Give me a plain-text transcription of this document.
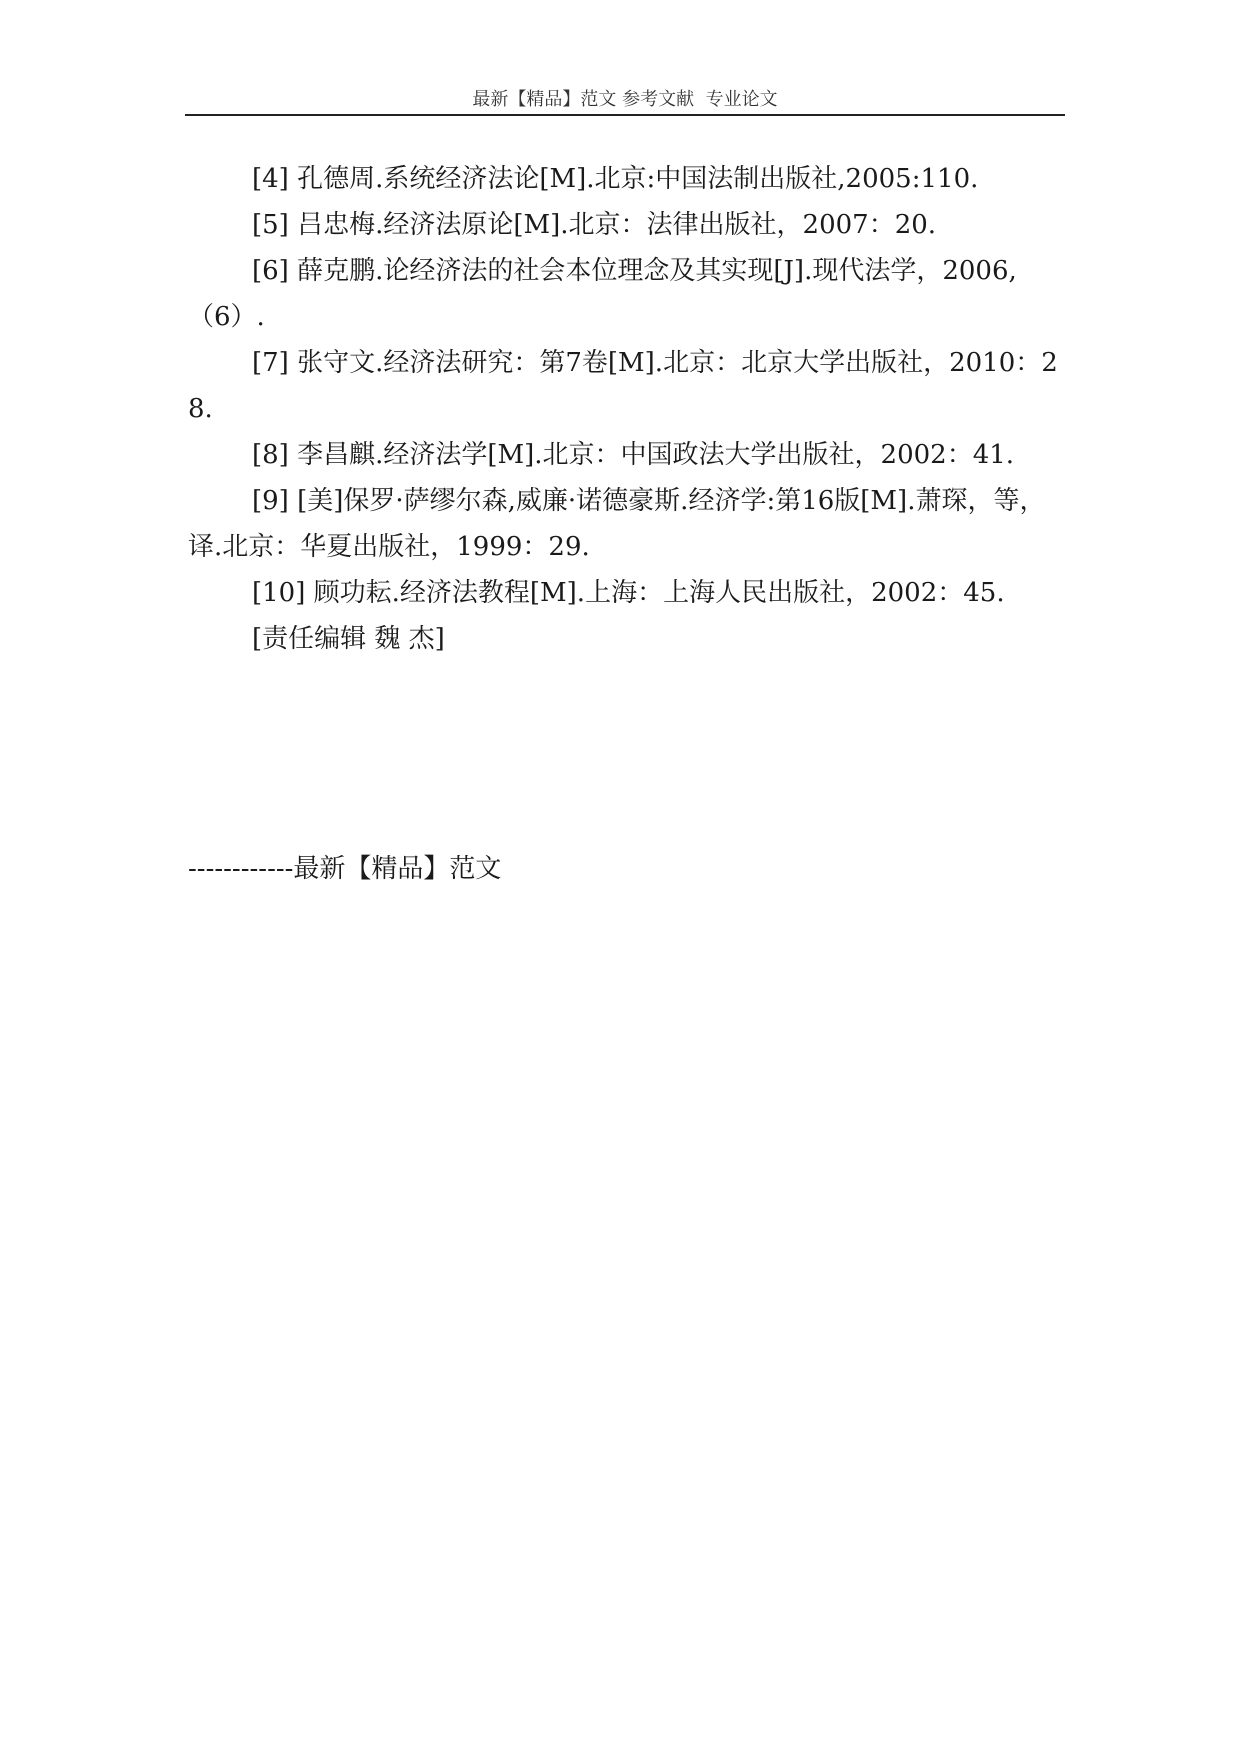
最新【精品】范文 参考文献  专业论文

[4] 孔德周.系统经济法论[M].北京:中国法制出版社,2005:110.

[5] 吕忠梅.经济法原论[M].北京：法律出版社，2007：20.

[6] 薛克鹏.论经济法的社会本位理念及其实现[J].现代法学，2006,（6）.

[7] 张守文.经济法研究：第7卷[M].北京：北京大学出版社，2010：28.

[8] 李昌麒.经济法学[M].北京：中国政法大学出版社，2002：41.

[9] [美]保罗·萨缪尔森,威廉·诺德豪斯.经济学:第16版[M].萧琛，等，译.北京：华夏出版社，1999：29.

[10] 顾功耘.经济法教程[M].上海：上海人民出版社，2002：45.

[责任编辑 魏 杰]

------------最新【精品】范文
